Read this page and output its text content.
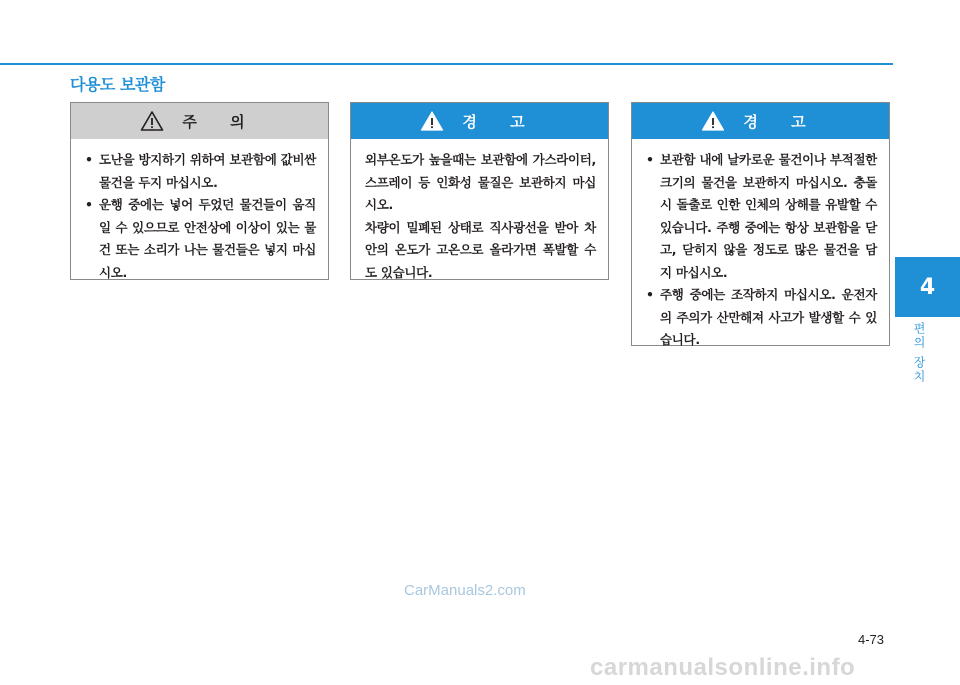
다용도 보관함
주 의
• 도난을 방지하기 위하여 보관함에 값비싼 물건을 두지 마십시오.
• 운행 중에는 넣어 두었던 물건들이 움직일 수 있으므로 안전상에 이상이 있는 물건 또는 소리가 나는 물건들은 넣지 마십시오.
경 고

외부온도가 높을때는 보관함에 가스라이터, 스프레이 등 인화성 물질은 보관하지 마십시오.

차량이 밀폐된 상태로 직사광선을 받아 차 안의 온도가 고온으로 올라가면 폭발할 수 도 있습니다.

경 고
• 보관함 내에 날카로운 물건이나 부적절한 크기의 물건을 보관하지 마십시오. 충돌시 돌출로 인한 인체의 상해를 유발할 수 있습니다. 주행 중에는 항상 보관함을 닫고, 닫히지 않을 정도로 많은 물건을 담지 마십시오.
• 주행 중에는 조작하지 마십시오. 운전자의 주의가 산만해져 사고가 발생할 수 있습니다.
4
편의 장치
CarManuals2.com
4-73
carmanualsonline.info
